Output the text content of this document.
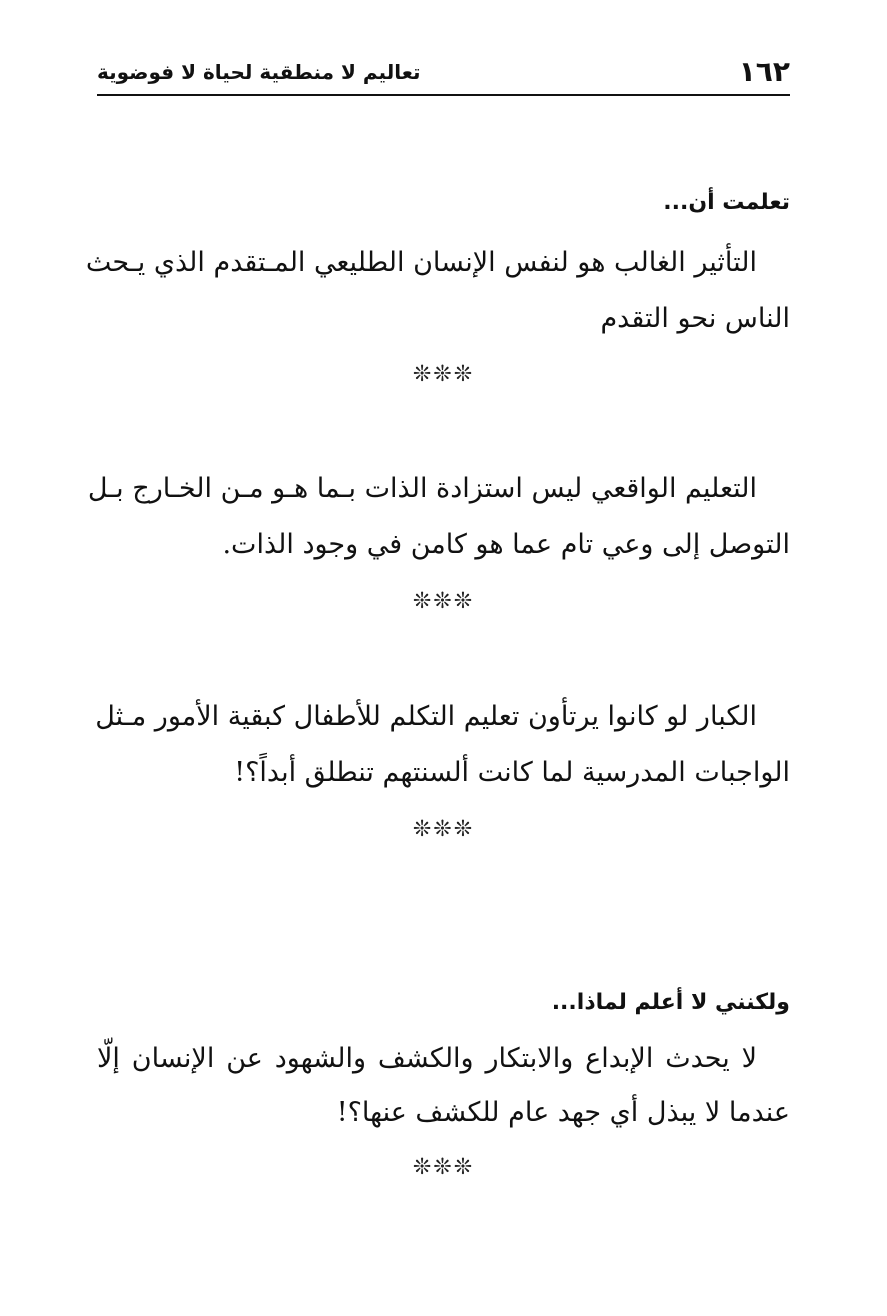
١٦٢
تعاليم لا منطقية لحياة لا فوضوية
تعلمت أن...
التأثير الغالب هو لنفس الإنسان الطليعي المـتقدم الذي يـحث
الناس نحو التقدم
❊❊❊
التعليم الواقعي ليس استزادة الذات بـما هـو مـن الخـارج بـل
التوصل إلى وعي تام عما هو كامن في وجود الذات.
❊❊❊
الكبار لو كانوا يرتأون تعليم التكلم للأطفال كبقية الأمور مـثل
الواجبات المدرسية لما كانت ألسنتهم تنطلق أبداً؟!
❊❊❊
ولكنني لا أعلم لماذا...
لا يحدث الإبداع والابتكار والكشف والشهود عن الإنسان إلّا
عندما لا يبذل أي جهد عام للكشف عنها؟!
❊❊❊
